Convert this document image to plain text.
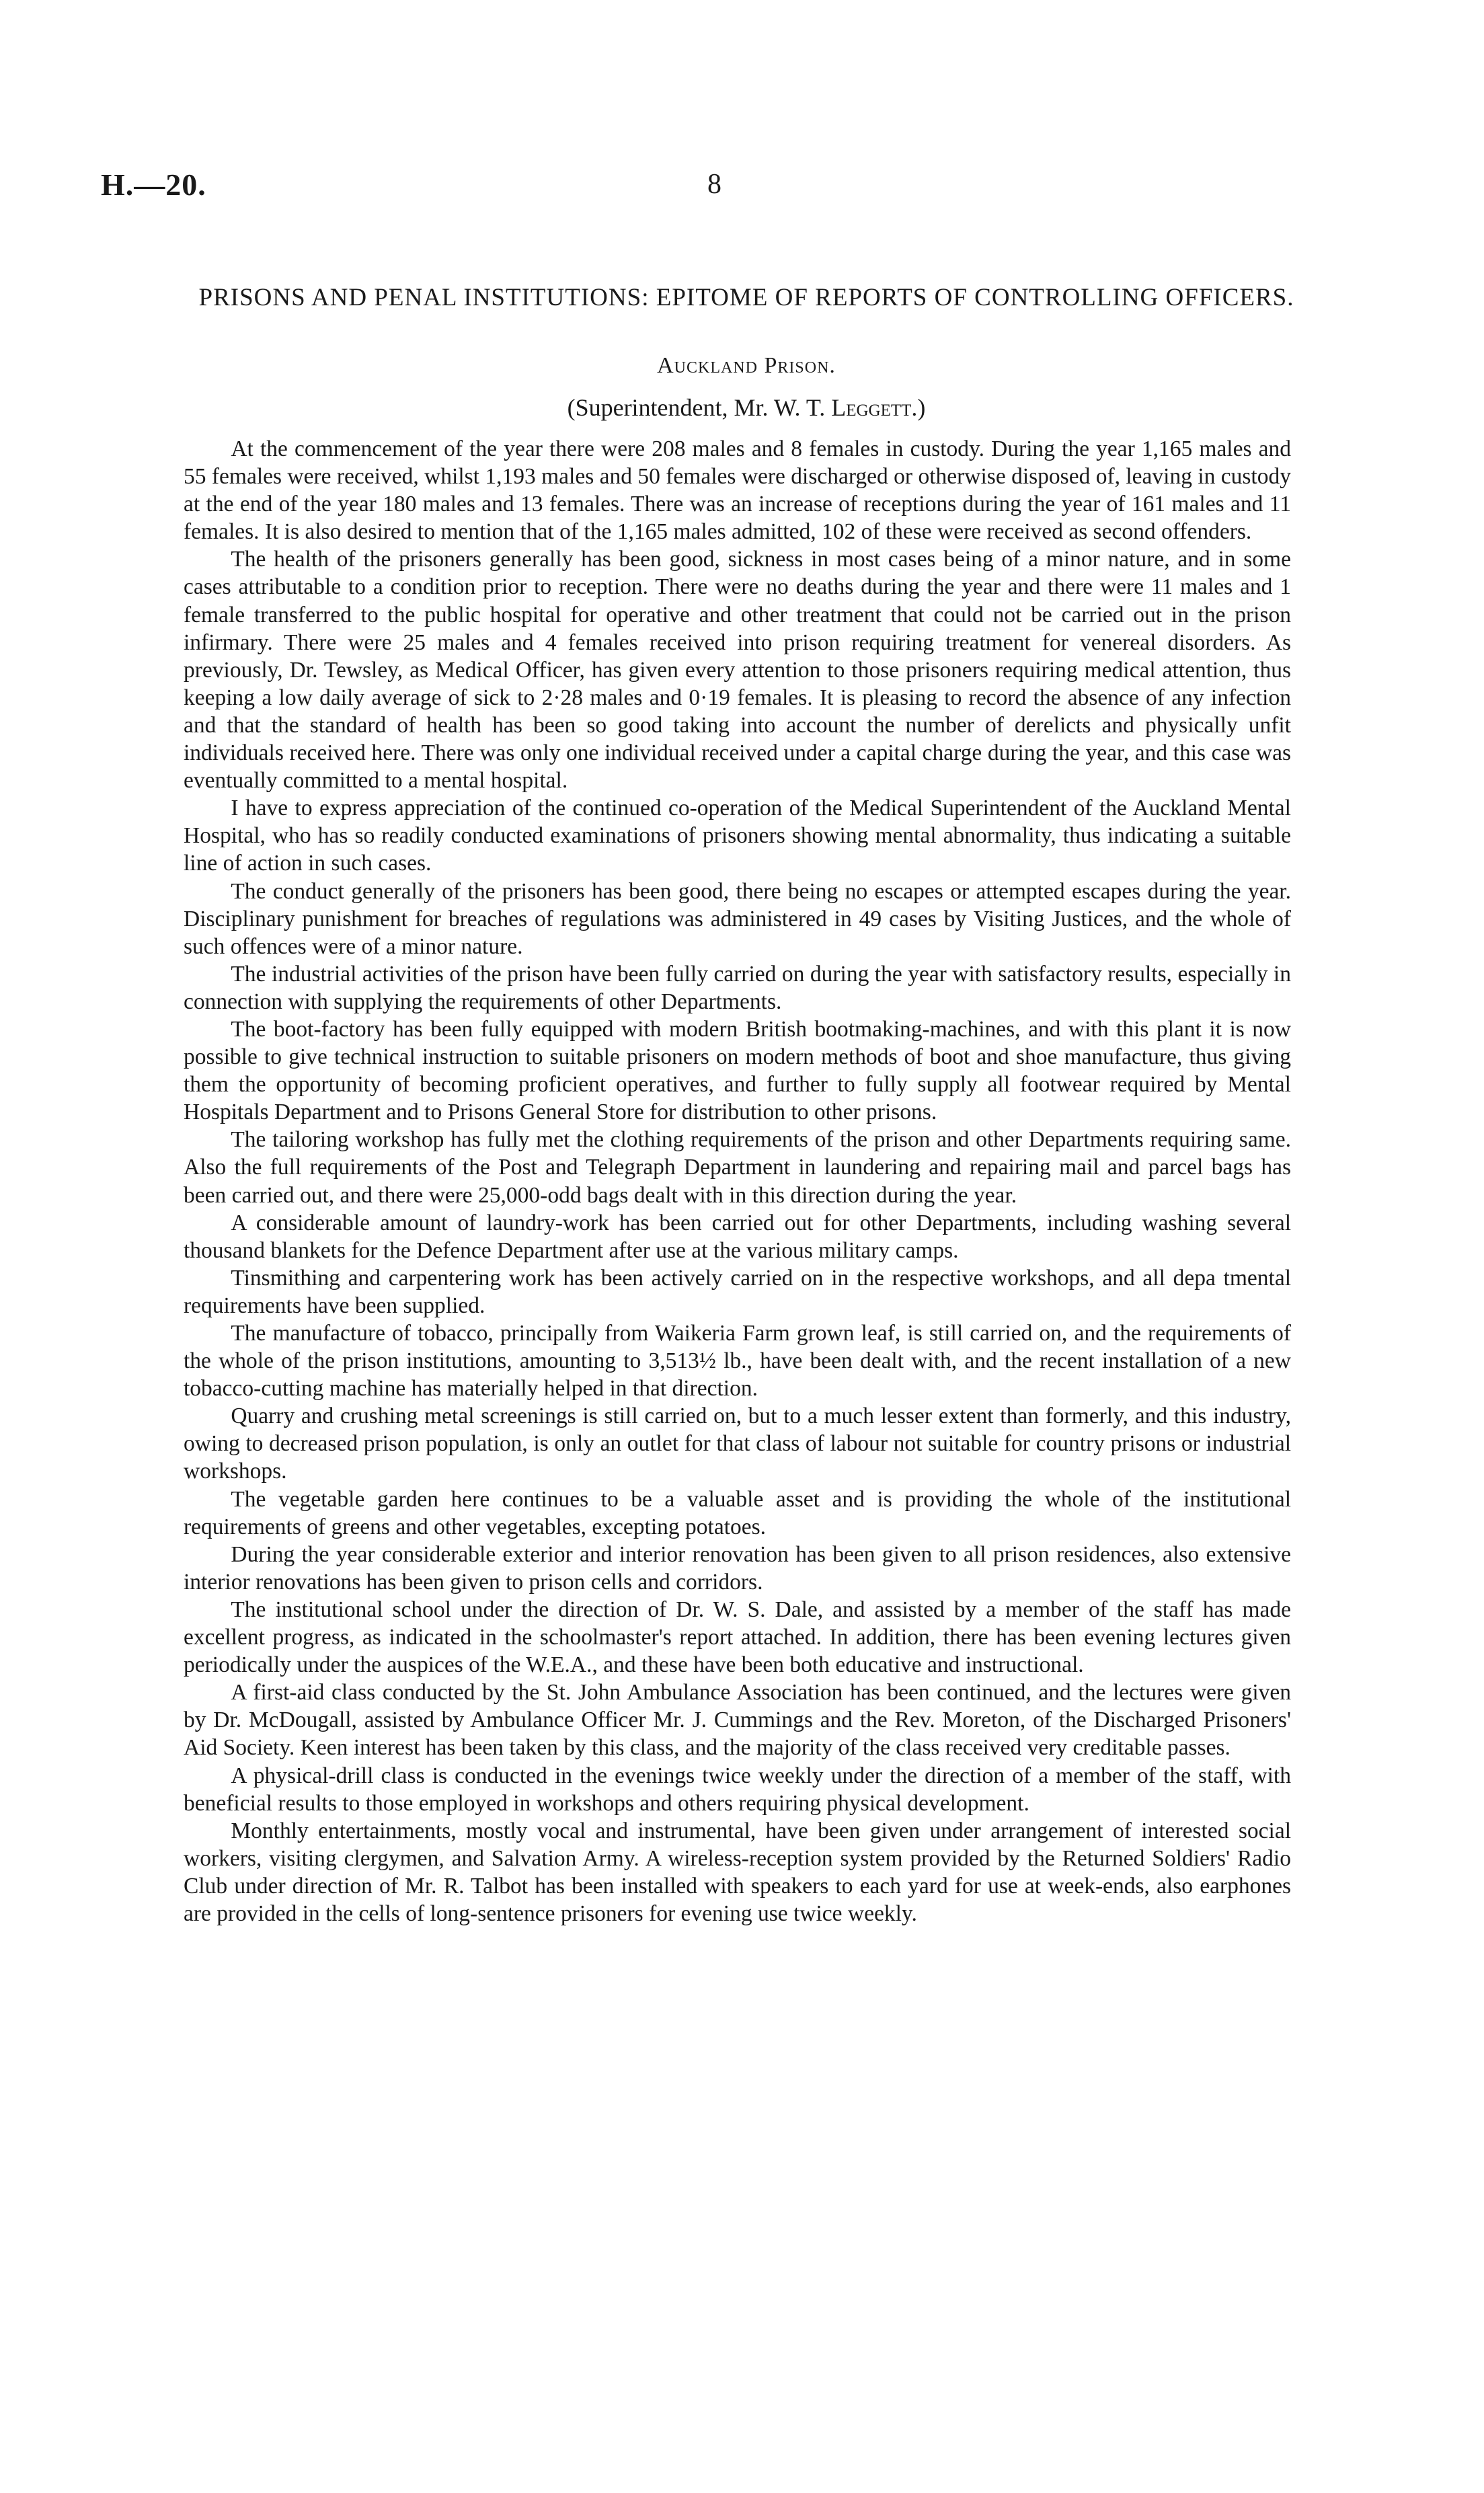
H.—20.	8
PRISONS AND PENAL INSTITUTIONS: EPITOME OF REPORTS OF CONTROLLING OFFICERS.
Auckland Prison.
(Superintendent, Mr. W. T. Leggett.)

At the commencement of the year there were 208 males and 8 females in custody. During the year 1,165 males and 55 females were received, whilst 1,193 males and 50 females were discharged or otherwise disposed of, leaving in custody at the end of the year 180 males and 13 females. There was an increase of receptions during the year of 161 males and 11 females. It is also desired to mention that of the 1,165 males admitted, 102 of these were received as second offenders.

The health of the prisoners generally has been good, sickness in most cases being of a minor nature, and in some cases attributable to a condition prior to reception. There were no deaths during the year and there were 11 males and 1 female transferred to the public hospital for operative and other treatment that could not be carried out in the prison infirmary. There were 25 males and 4 females received into prison requiring treatment for venereal disorders. As previously, Dr. Tewsley, as Medical Officer, has given every attention to those prisoners requiring medical attention, thus keeping a low daily average of sick to 2·28 males and 0·19 females. It is pleasing to record the absence of any infection and that the standard of health has been so good taking into account the number of derelicts and physically unfit individuals received here. There was only one individual received under a capital charge during the year, and this case was eventually committed to a mental hospital.

I have to express appreciation of the continued co-operation of the Medical Superintendent of the Auckland Mental Hospital, who has so readily conducted examinations of prisoners showing mental abnormality, thus indicating a suitable line of action in such cases.

The conduct generally of the prisoners has been good, there being no escapes or attempted escapes during the year. Disciplinary punishment for breaches of regulations was administered in 49 cases by Visiting Justices, and the whole of such offences were of a minor nature.

The industrial activities of the prison have been fully carried on during the year with satisfactory results, especially in connection with supplying the requirements of other Departments.

The boot-factory has been fully equipped with modern British bootmaking-machines, and with this plant it is now possible to give technical instruction to suitable prisoners on modern methods of boot and shoe manufacture, thus giving them the opportunity of becoming proficient operatives, and further to fully supply all footwear required by Mental Hospitals Department and to Prisons General Store for distribution to other prisons.

The tailoring workshop has fully met the clothing requirements of the prison and other Departments requiring same. Also the full requirements of the Post and Telegraph Department in laundering and repairing mail and parcel bags has been carried out, and there were 25,000-odd bags dealt with in this direction during the year.

A considerable amount of laundry-work has been carried out for other Departments, including washing several thousand blankets for the Defence Department after use at the various military camps.

Tinsmithing and carpentering work has been actively carried on in the respective workshops, and all depa tmental requirements have been supplied.

The manufacture of tobacco, principally from Waikeria Farm grown leaf, is still carried on, and the requirements of the whole of the prison institutions, amounting to 3,513½ lb., have been dealt with, and the recent installation of a new tobacco-cutting machine has materially helped in that direction.

Quarry and crushing metal screenings is still carried on, but to a much lesser extent than formerly, and this industry, owing to decreased prison population, is only an outlet for that class of labour not suitable for country prisons or industrial workshops.

The vegetable garden here continues to be a valuable asset and is providing the whole of the institutional requirements of greens and other vegetables, excepting potatoes.

During the year considerable exterior and interior renovation has been given to all prison residences, also extensive interior renovations has been given to prison cells and corridors.

The institutional school under the direction of Dr. W. S. Dale, and assisted by a member of the staff has made excellent progress, as indicated in the schoolmaster's report attached. In addition, there has been evening lectures given periodically under the auspices of the W.E.A., and these have been both educative and instructional.

A first-aid class conducted by the St. John Ambulance Association has been continued, and the lectures were given by Dr. McDougall, assisted by Ambulance Officer Mr. J. Cummings and the Rev. Moreton, of the Discharged Prisoners' Aid Society. Keen interest has been taken by this class, and the majority of the class received very creditable passes.

A physical-drill class is conducted in the evenings twice weekly under the direction of a member of the staff, with beneficial results to those employed in workshops and others requiring physical development.

Monthly entertainments, mostly vocal and instrumental, have been given under arrangement of interested social workers, visiting clergymen, and Salvation Army. A wireless-reception system provided by the Returned Soldiers' Radio Club under direction of Mr. R. Talbot has been installed with speakers to each yard for use at week-ends, also earphones are provided in the cells of long-sentence prisoners for evening use twice weekly.
